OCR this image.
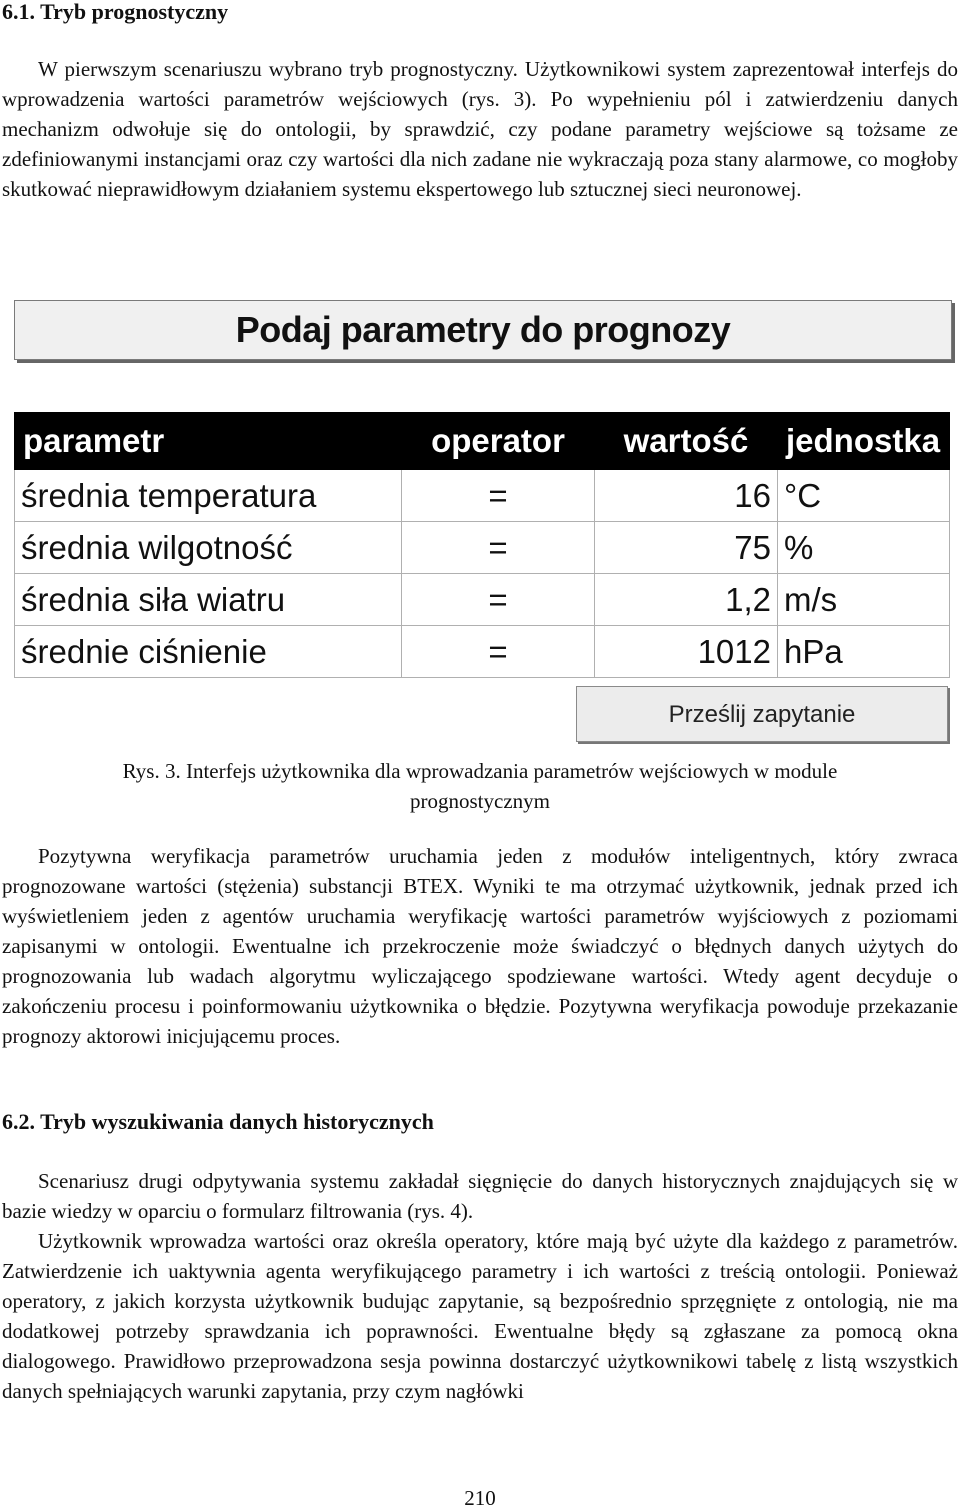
6.1. Tryb prognostyczny

W pierwszym scenariuszu wybrano tryb prognostyczny. Użytkownikowi system zaprezentował interfejs do wprowadzenia wartości parametrów wejściowych (rys. 3). Po wypełnieniu pól i zatwierdzeniu danych mechanizm odwołuje się do ontologii, by sprawdzić, czy podane parametry wejściowe są tożsame ze zdefiniowanymi instancjami oraz czy wartości dla nich zadane nie wykraczają poza stany alarmowe, co mogłoby skutkować nieprawidłowym działaniem systemu ekspertowego lub sztucznej sieci neuronowej.

Podaj parametry do prognozy
parametr	operator	wartość	jednostka
średnia temperatura	=	16	°C
średnia wilgotność	=	75	%
średnia siła wiatru	=	1,2	m/s
średnie ciśnienie	=	1012	hPa
Prześlij zapytanie

Rys. 3. Interfejs użytkownika dla wprowadzania parametrów wejściowych w module
prognostycznym

Pozytywna weryfikacja parametrów uruchamia jeden z modułów inteligentnych, który zwraca prognozowane wartości (stężenia) substancji BTEX. Wyniki te ma otrzymać użytkownik, jednak przed ich wyświetleniem jeden z agentów uruchamia weryfikację wartości parametrów wyjściowych z poziomami zapisanymi w ontologii. Ewentualne ich przekroczenie może świadczyć o błędnych danych użytych do prognozowania lub wadach algorytmu wyliczającego spodziewane wartości. Wtedy agent decyduje o zakończeniu procesu i poinformowaniu użytkownika o błędzie. Pozytywna weryfikacja powoduje przekazanie prognozy aktorowi inicjującemu proces.

6.2. Tryb wyszukiwania danych historycznych

Scenariusz drugi odpytywania systemu zakładał sięgnięcie do danych historycznych znajdujących się w bazie wiedzy w oparciu o formularz filtrowania (rys. 4).

Użytkownik wprowadza wartości oraz określa operatory, które mają być użyte dla każdego z parametrów. Zatwierdzenie ich uaktywnia agenta weryfikującego parametry i ich wartości z treścią ontologii. Ponieważ operatory, z jakich korzysta użytkownik budując zapytanie, są bezpośrednio sprzęgnięte z ontologią, nie ma dodatkowej potrzeby sprawdzania ich poprawności. Ewentualne błędy są zgłaszane za pomocą okna dialogowego. Prawidłowo przeprowadzona sesja powinna dostarczyć użytkownikowi tabelę z listą wszystkich danych spełniających warunki zapytania, przy czym nagłówki

210
